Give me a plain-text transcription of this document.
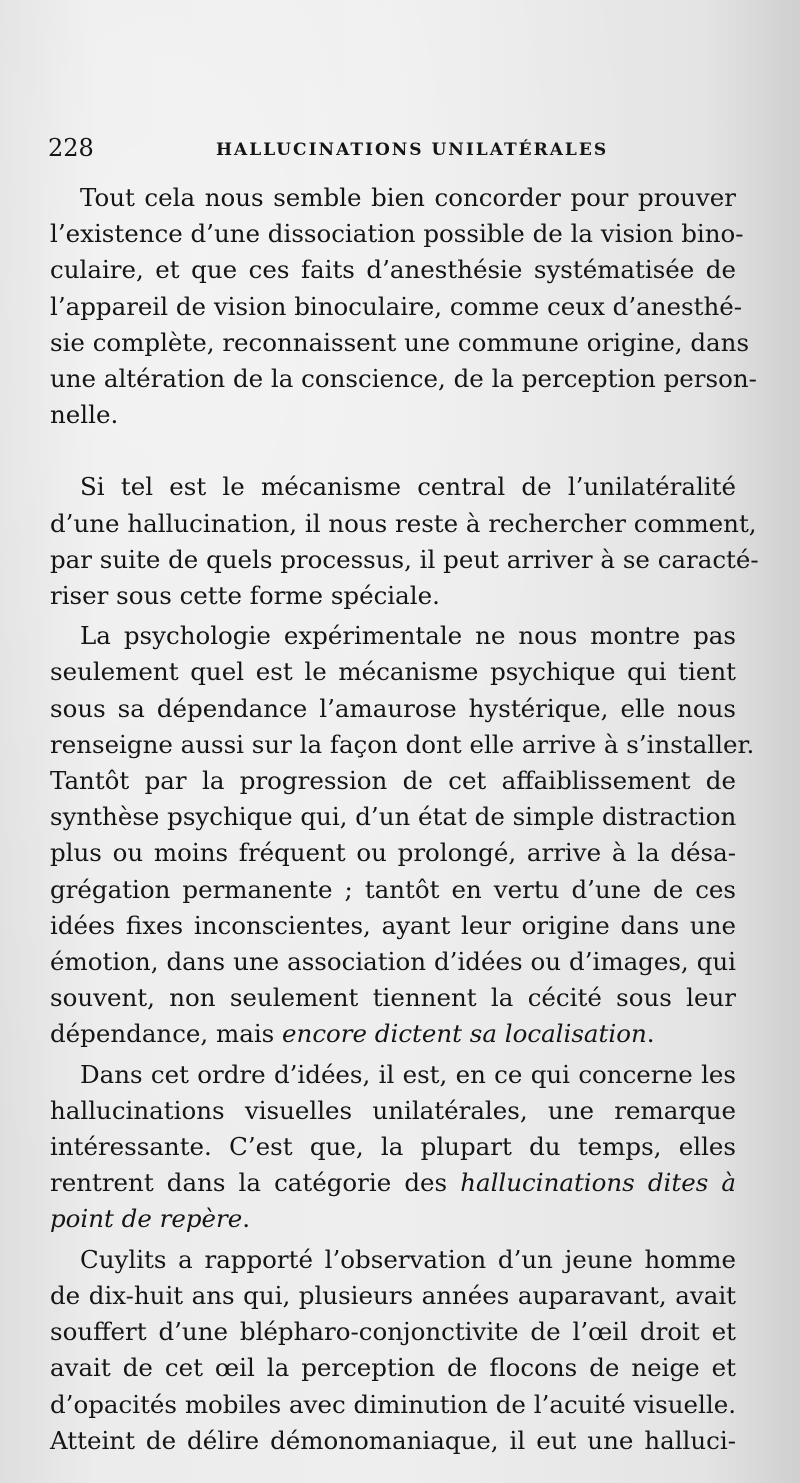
228	HALLUCINATIONS UNILATÉRALES
Tout cela nous semble bien concorder pour prouver
l’existence d’une dissociation possible de la vision bino-
culaire, et que ces faits d’anesthésie systématisée de
l’appareil de vision binoculaire, comme ceux d’anesthé-
sie complète, reconnaissent une commune origine, dans
une altération de la conscience, de la perception person-
nelle.
Si tel est le mécanisme central de l’unilatéralité
d’une hallucination, il nous reste à rechercher comment,
par suite de quels processus, il peut arriver à se caracté-
riser sous cette forme spéciale.
La psychologie expérimentale ne nous montre pas
seulement quel est le mécanisme psychique qui tient
sous sa dépendance l’amaurose hystérique, elle nous
renseigne aussi sur la façon dont elle arrive à s’installer.
Tantôt par la progression de cet affaiblissement de
synthèse psychique qui, d’un état de simple distraction
plus ou moins fréquent ou prolongé, arrive à la désa-
grégation permanente ; tantôt en vertu d’une de ces
idées fixes inconscientes, ayant leur origine dans une
émotion, dans une association d’idées ou d’images, qui
souvent, non seulement tiennent la cécité sous leur
dépendance, mais encore dictent sa localisation.
Dans cet ordre d’idées, il est, en ce qui concerne les
hallucinations visuelles unilatérales, une remarque
intéressante. C’est que, la plupart du temps, elles
rentrent dans la catégorie des hallucinations dites à
point de repère.
Cuylits a rapporté l’observation d’un jeune homme
de dix-huit ans qui, plusieurs années auparavant, avait
souffert d’une blépharo-conjonctivite de l’œil droit et
avait de cet œil la perception de flocons de neige et
d’opacités mobiles avec diminution de l’acuité visuelle.
Atteint de délire démonomaniaque, il eut une halluci-
